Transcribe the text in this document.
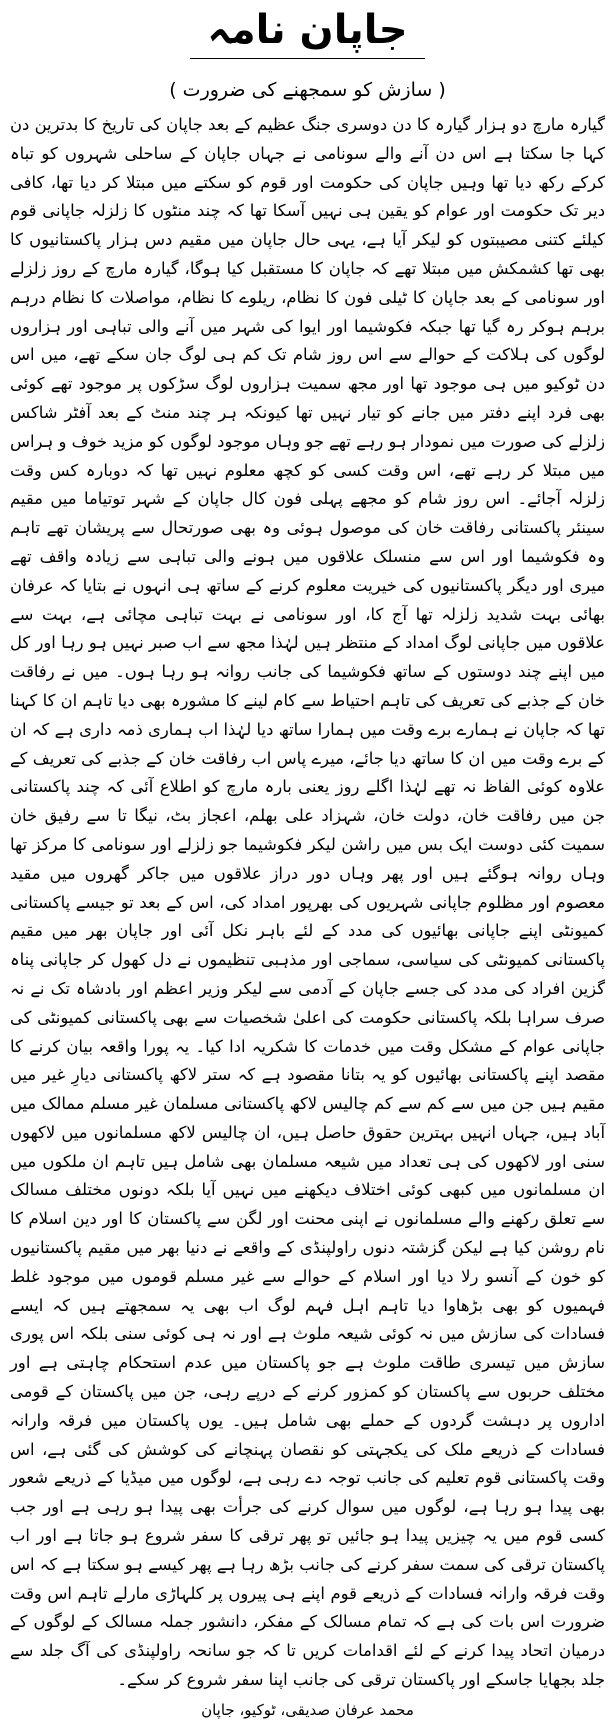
جاپان نامہ
( سازش کو سمجھنے کی ضرورت )

گیارہ مارچ دو ہزار گیارہ کا دن دوسری جنگ عظیم کے بعد جاپان کی تاریخ کا بدترین دن کہا جا سکتا ہے اس دن آنے والے سونامی نے جہاں جاپان کے ساحلی شہروں کو تباہ کرکے رکھ دیا تھا وہیں جاپان کی حکومت اور قوم کو سکتے میں مبتلا کر دیا تھا، کافی دیر تک حکومت اور عوام کو یقین ہی نہیں آسکا تھا کہ چند منٹوں کا زلزلہ جاپانی قوم کیلئے کتنی مصیبتوں کو لیکر آیا ہے، یہی حال جاپان میں مقیم دس ہزار پاکستانیوں کا بھی تھا کشمکش میں مبتلا تھے کہ جاپان کا مستقبل کیا ہوگا، گیارہ مارچ کے روز زلزلے اور سونامی کے بعد جاپان کا ٹیلی فون کا نظام، ریلوے کا نظام، مواصلات کا نظام درہم برہم ہوکر رہ گیا تھا جبکہ فکوشیما اور ایوا کی شہر میں آنے والی تباہی اور ہزاروں لوگوں کی ہلاکت کے حوالے سے اس روز شام تک کم ہی لوگ جان سکے تھے، میں اس دن ٹوکیو میں ہی موجود تھا اور مجھ سمیت ہزاروں لوگ سڑکوں پر موجود تھے کوئی بھی فرد اپنے دفتر میں جانے کو تیار نہیں تھا کیونکہ ہر چند منٹ کے بعد آفٹر شاکس زلزلے کی صورت میں نمودار ہو رہے تھے جو وہاں موجود لوگوں کو مزید خوف و ہراس میں مبتلا کر رہے تھے، اس وقت کسی کو کچھ معلوم نہیں تھا کہ دوبارہ کس وقت زلزلہ آجائے۔ اس روز شام کو مجھے پہلی فون کال جاپان کے شہر توتیاما میں مقیم سینئر پاکستانی رفاقت خان کی موصول ہوئی وہ بھی صورتحال سے پریشان تھے تاہم وہ فکوشیما اور اس سے منسلک علاقوں میں ہونے والی تباہی سے زیادہ واقف تھے میری اور دیگر پاکستانیوں کی خیریت معلوم کرنے کے ساتھ ہی انہوں نے بتایا کہ عرفان بھائی بہت شدید زلزلہ تھا آج کا، اور سونامی نے بہت تباہی مچائی ہے، بہت سے علاقوں میں جاپانی لوگ امداد کے منتظر ہیں لہٰذا مجھ سے اب صبر نہیں ہو رہا اور کل میں اپنے چند دوستوں کے ساتھ فکوشیما کی جانب روانہ ہو رہا ہوں۔ میں نے رفاقت خان کے جذبے کی تعریف کی تاہم احتیاط سے کام لینے کا مشورہ بھی دیا تاہم ان کا کہنا تھا کہ جاپان نے ہمارے برے وقت میں ہمارا ساتھ دیا لہٰذا اب ہماری ذمہ داری ہے کہ ان کے برے وقت میں ان کا ساتھ دیا جائے، میرے پاس اب رفاقت خان کے جذبے کی تعریف کے علاوہ کوئی الفاظ نہ تھے لہٰذا اگلے روز یعنی بارہ مارچ کو اطلاع آئی کہ چند پاکستانی جن میں رفاقت خان، دولت خان، شہزاد علی بھلم، اعجاز بٹ، نیگا تا سے رفیق خان سمیت کئی دوست ایک بس میں راشن لیکر فکوشیما جو زلزلے اور سونامی کا مرکز تھا وہاں روانہ ہوگئے ہیں اور پھر وہاں دور دراز علاقوں میں جاکر گھروں میں مقید معصوم اور مظلوم جاپانی شہریوں کی بھرپور امداد کی، اس کے بعد تو جیسے پاکستانی کمیونٹی اپنے جاپانی بھائیوں کی مدد کے لئے باہر نکل آئی اور جاپان بھر میں مقیم پاکستانی کمیونٹی کی سیاسی، سماجی اور مذہبی تنظیموں نے دل کھول کر جاپانی پناہ گزین افراد کی مدد کی جسے جاپان کے آدمی سے لیکر وزیر اعظم اور بادشاہ تک نے نہ صرف سراہا بلکہ پاکستانی حکومت کی اعلیٰ شخصیات سے بھی پاکستانی کمیونٹی کی جاپانی عوام کے مشکل وقت میں خدمات کا شکریہ ادا کیا۔ یہ پورا واقعہ بیان کرنے کا مقصد اپنے پاکستانی بھائیوں کو یہ بتانا مقصود ہے کہ ستر لاکھ پاکستانی دیارِ غیر میں مقیم ہیں جن میں سے کم سے کم چالیس لاکھ پاکستانی مسلمان غیر مسلم ممالک میں آباد ہیں، جہاں انہیں بہترین حقوق حاصل ہیں، ان چالیس لاکھ مسلمانوں میں لاکھوں سنی اور لاکھوں کی ہی تعداد میں شیعہ مسلمان بھی شامل ہیں تاہم ان ملکوں میں ان مسلمانوں میں کبھی کوئی اختلاف دیکھنے میں نہیں آیا بلکہ دونوں مختلف مسالک سے تعلق رکھنے والے مسلمانوں نے اپنی محنت اور لگن سے پاکستان کا اور دین اسلام کا نام روشن کیا ہے لیکن گزشتہ دنوں راولپنڈی کے واقعے نے دنیا بھر میں مقیم پاکستانیوں کو خون کے آنسو رلا دیا اور اسلام کے حوالے سے غیر مسلم قوموں میں موجود غلط فہمیوں کو بھی بڑھاوا دیا تاہم اہل فہم لوگ اب بھی یہ سمجھتے ہیں کہ ایسے فسادات کی سازش میں نہ کوئی شیعہ ملوث ہے اور نہ ہی کوئی سنی بلکہ اس پوری سازش میں تیسری طاقت ملوث ہے جو پاکستان میں عدم استحکام چاہتی ہے اور مختلف حربوں سے پاکستان کو کمزور کرنے کے درپے رہی، جن میں پاکستان کے قومی اداروں پر دہشت گردوں کے حملے بھی شامل ہیں۔ یوں پاکستان میں فرقہ وارانہ فسادات کے ذریعے ملک کی یکجہتی کو نقصان پہنچانے کی کوشش کی گئی ہے، اس وقت پاکستانی قوم تعلیم کی جانب توجہ دے رہی ہے، لوگوں میں میڈیا کے ذریعے شعور بھی پیدا ہو رہا ہے، لوگوں میں سوال کرنے کی جرأت بھی پیدا ہو رہی ہے اور جب کسی قوم میں یہ چیزیں پیدا ہو جائیں تو پھر ترقی کا سفر شروع ہو جاتا ہے اور اب پاکستان ترقی کی سمت سفر کرنے کی جانب بڑھ رہا ہے پھر کیسے ہو سکتا ہے کہ اس وقت فرقہ وارانہ فسادات کے ذریعے قوم اپنے ہی پیروں پر کلہاڑی مارلے تاہم اس وقت ضرورت اس بات کی ہے کہ تمام مسالک کے مفکر، دانشور جملہ مسالک کے لوگوں کے درمیان اتحاد پیدا کرنے کے لئے اقدامات کریں تا کہ جو سانحہ راولپنڈی کی آگ جلد سے جلد بجھایا جاسکے اور پاکستان ترقی کی جانب اپنا سفر شروع کر سکے۔

محمد عرفان صدیقی، ٹوکیو، جاپان
